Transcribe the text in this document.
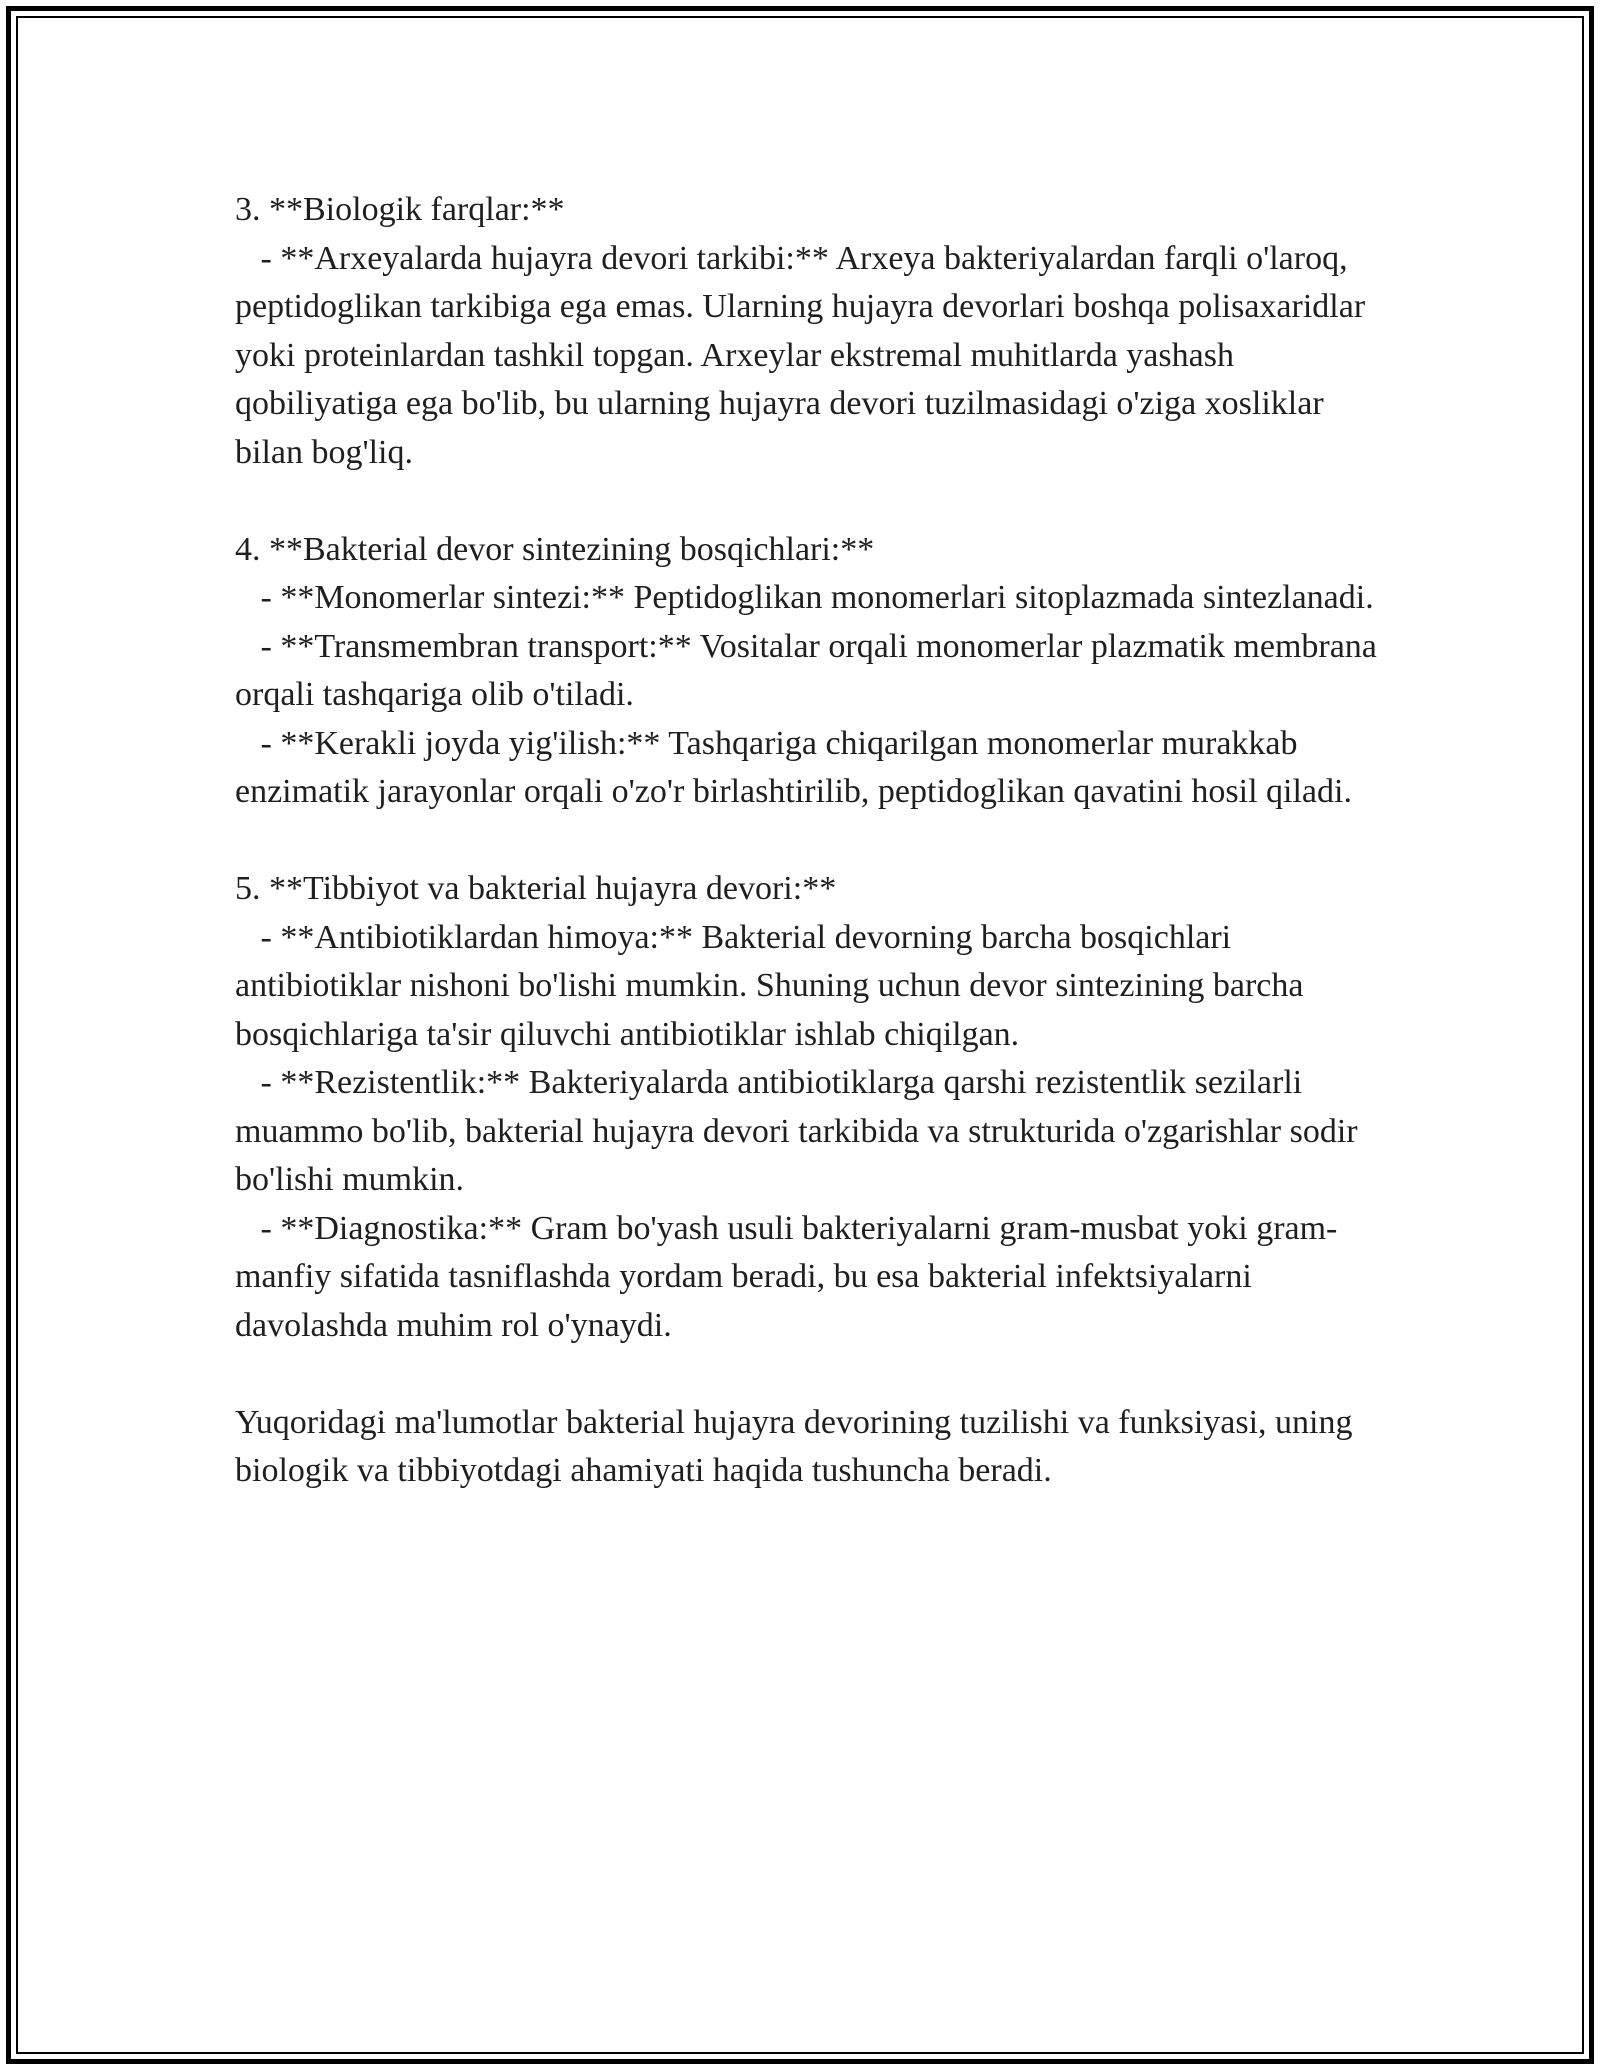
3. **Biologik farqlar:**
- **Arxeyalarda hujayra devori tarkibi:** Arxeya bakteriyalardan farqli o'laroq, peptidoglikan tarkibiga ega emas. Ularning hujayra devorlari boshqa polisaxaridlar yoki proteinlardan tashkil topgan. Arxeylar ekstremal muhitlarda yashash qobiliyatiga ega bo'lib, bu ularning hujayra devori tuzilmasidagi o'ziga xosliklar bilan bog'liq.
4. **Bakterial devor sintezining bosqichlari:**
- **Monomerlar sintezi:** Peptidoglikan monomerlari sitoplazmada sintezlanadi.
- **Transmembran transport:** Vositalar orqali monomerlar plazmatik membrana orqali tashqariga olib o'tiladi.
- **Kerakli joyda yig'ilish:** Tashqariga chiqarilgan monomerlar murakkab enzimatik jarayonlar orqali o'zo'r birlashtirilib, peptidoglikan qavatini hosil qiladi.
5. **Tibbiyot va bakterial hujayra devori:**
- **Antibiotiklardan himoya:** Bakterial devorning barcha bosqichlari antibiotiklar nishoni bo'lishi mumkin. Shuning uchun devor sintezining barcha bosqichlariga ta'sir qiluvchi antibiotiklar ishlab chiqilgan.
- **Rezistentlik:** Bakteriyalarda antibiotiklarga qarshi rezistentlik sezilarli muammo bo'lib, bakterial hujayra devori tarkibida va strukturida o'zgarishlar sodir bo'lishi mumkin.
- **Diagnostika:** Gram bo'yash usuli bakteriyalarni gram-musbat yoki gram-manfiy sifatida tasniflashda yordam beradi, bu esa bakterial infektsiyalarni davolashda muhim rol o'ynaydi.
Yuqoridagi ma'lumotlar bakterial hujayra devorining tuzilishi va funksiyasi, uning biologik va tibbiyotdagi ahamiyati haqida tushuncha beradi.
